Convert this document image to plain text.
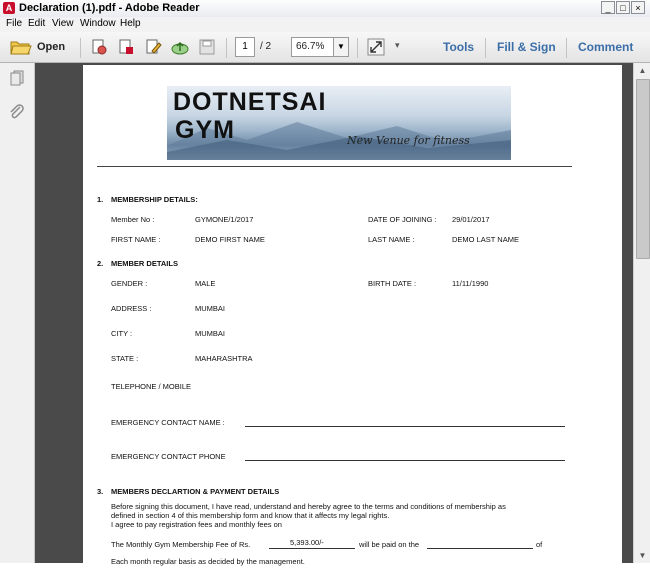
A Declaration (1).pdf - Adobe Reader	_	□	×
File Edit View Window Help
Open	1	/ 2 66.7%	▼	▾	Tools Fill & Sign Comment
DOTNETSAI
GYM	New Venue for fitness
1. MEMBERSHIP DETAILS:
Member No :	GYMONE/1/2017	DATE OF JOINING : 29/01/2017
FIRST NAME :	DEMO FIRST NAME	LAST NAME :	DEMO LAST NAME
2. MEMBER DETAILS
GENDER :	MALE	BIRTH DATE :	11/11/1990
ADDRESS :	MUMBAI
CITY :	MUMBAI
STATE :	MAHARASHTRA
TELEPHONE / MOBILE
EMERGENCY CONTACT NAME :
EMERGENCY CONTACT PHONE
3. MEMBERS DECLARTION & PAYMENT DETAILS
Before signing this document, I have read, understand and hereby agree to the terms and conditions of membership as
defined in section 4 of this membership form and know that it affects my legal rights.
I agree to pay registration fees and monthly fees on
The Monthly Gym Membership Fee of Rs.	5,393.00/-	will be paid on the	of
Each month regular basis as decided by the management.
▲
▼
